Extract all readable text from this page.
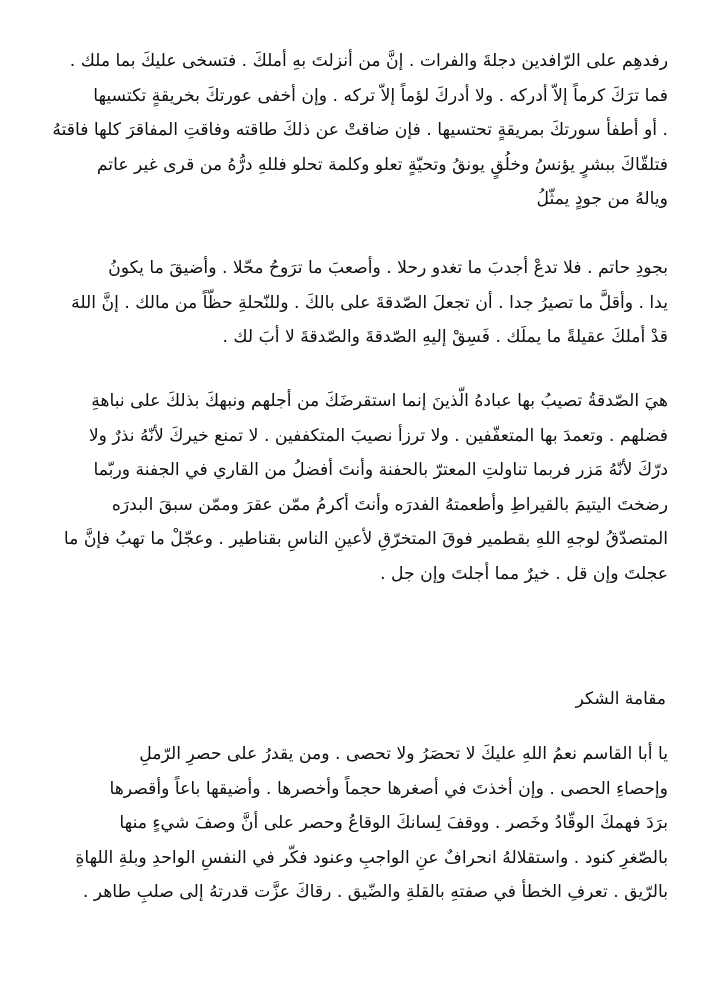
رفدهِم على الرّافدين دجلةَ والفرات . إنَّ من أنزلتَ بهِ أملكَ . فتسخى عليكَ بما ملك .
فما ترَكَ كرماً إلاّ أدركه . ولا أدركَ لؤماً إلاّ تركه . وإن أخفى عورتكَ بخريقةٍ تكتسيها
. أو أطفأ سورتكَ بمريقةٍ تحتسيها . فإن ضاقتْ عن ذلكَ طاقته وفاقتِ المفاقرَ كلها فاقتهُ
فتلقّاكَ ببشرٍ يؤنسُ وخلُقٍ يونقُ وتحيّةٍ تعلو وكلمة تحلو فللهِ درُّهُ من قرى غير عاتم
ويالهُ من جودٍ يمثّلُ

بجودِ حاتم . فلا تدعْ أجدبَ ما تغدو رحلا . وأصعبَ ما ترَوحُ محّلا . وأضيقَ ما يكونُ
يدا . وأقلَّ ما تصيرُ جدا . أن تجعلَ الصّدقةَ على بالكَ . وللنّحلةِ حظّاً من مالك . إنَّ اللهَ
قدْ أملكَ عقيلةً ما يملَك . فَسِقْ إليهِ الصّدقةَ والصّدقةَ لا أبَ لك .

هيَ الصّدقةُ تصيبُ بها عبادهُ الّذينَ إنما استقرضَكَ من أجلهم ونبهكَ بذلكَ على نباهةِ
فضلهم . وتعمدَ بها المتعفّفين . ولا ترزأ نصيبَ المتكففين . لا تمنع خيركَ لأنّهُ نذرٌ ولا
درّكَ لأنّهُ مَزر فربما تناولتِ المعترّ بالحفنة وأنتَ أفضلُ من القاري في الجفنة وربّما
رضختَ اليتيمَ بالقيراطِ وأطعمتهُ الفدرَه وأنتَ أكرمُ ممّن عقرَ وممّن سبقَ البدرَه
المتصدّقُ لوجهِ اللهِ بقطمير فوقَ المتخرّقِ لأعينِ الناسِ بقناطير . وعجّلْ ما تهبُ فإنَّ ما
عجلتَ وإن قل . خيرٌ مما أجلتَ وإن جل .

مقامة الشكر

يا أبا القاسم نعمُ اللهِ عليكَ لا تحصَرُ ولا تحصى . ومن يقدرُ على حصرِ الرّملِ
وإحصاءِ الحصى . وإن أخذتَ في أصغرها حجماً وأخصرها . وأضيقها باعاً وأقصرها
برَدَ فهمكَ الوقّادُ وخَصر . ووقفَ لِسانكَ الوقاعُ وحصر على أنَّ وصفَ شيءٍ منها
بالصّغرِ كنود . واستقلالهُ انحرافٌ عنِ الواجبِ وعنود فكّر في النفسِ الواحدِ وبلةِ اللهاةِ
بالرّيق . تعرفِ الخطأ في صفتهِ بالقلةِ والضّيق . رقاكَ عزَّت قدرتهُ إلى صلبِ طاهر .
